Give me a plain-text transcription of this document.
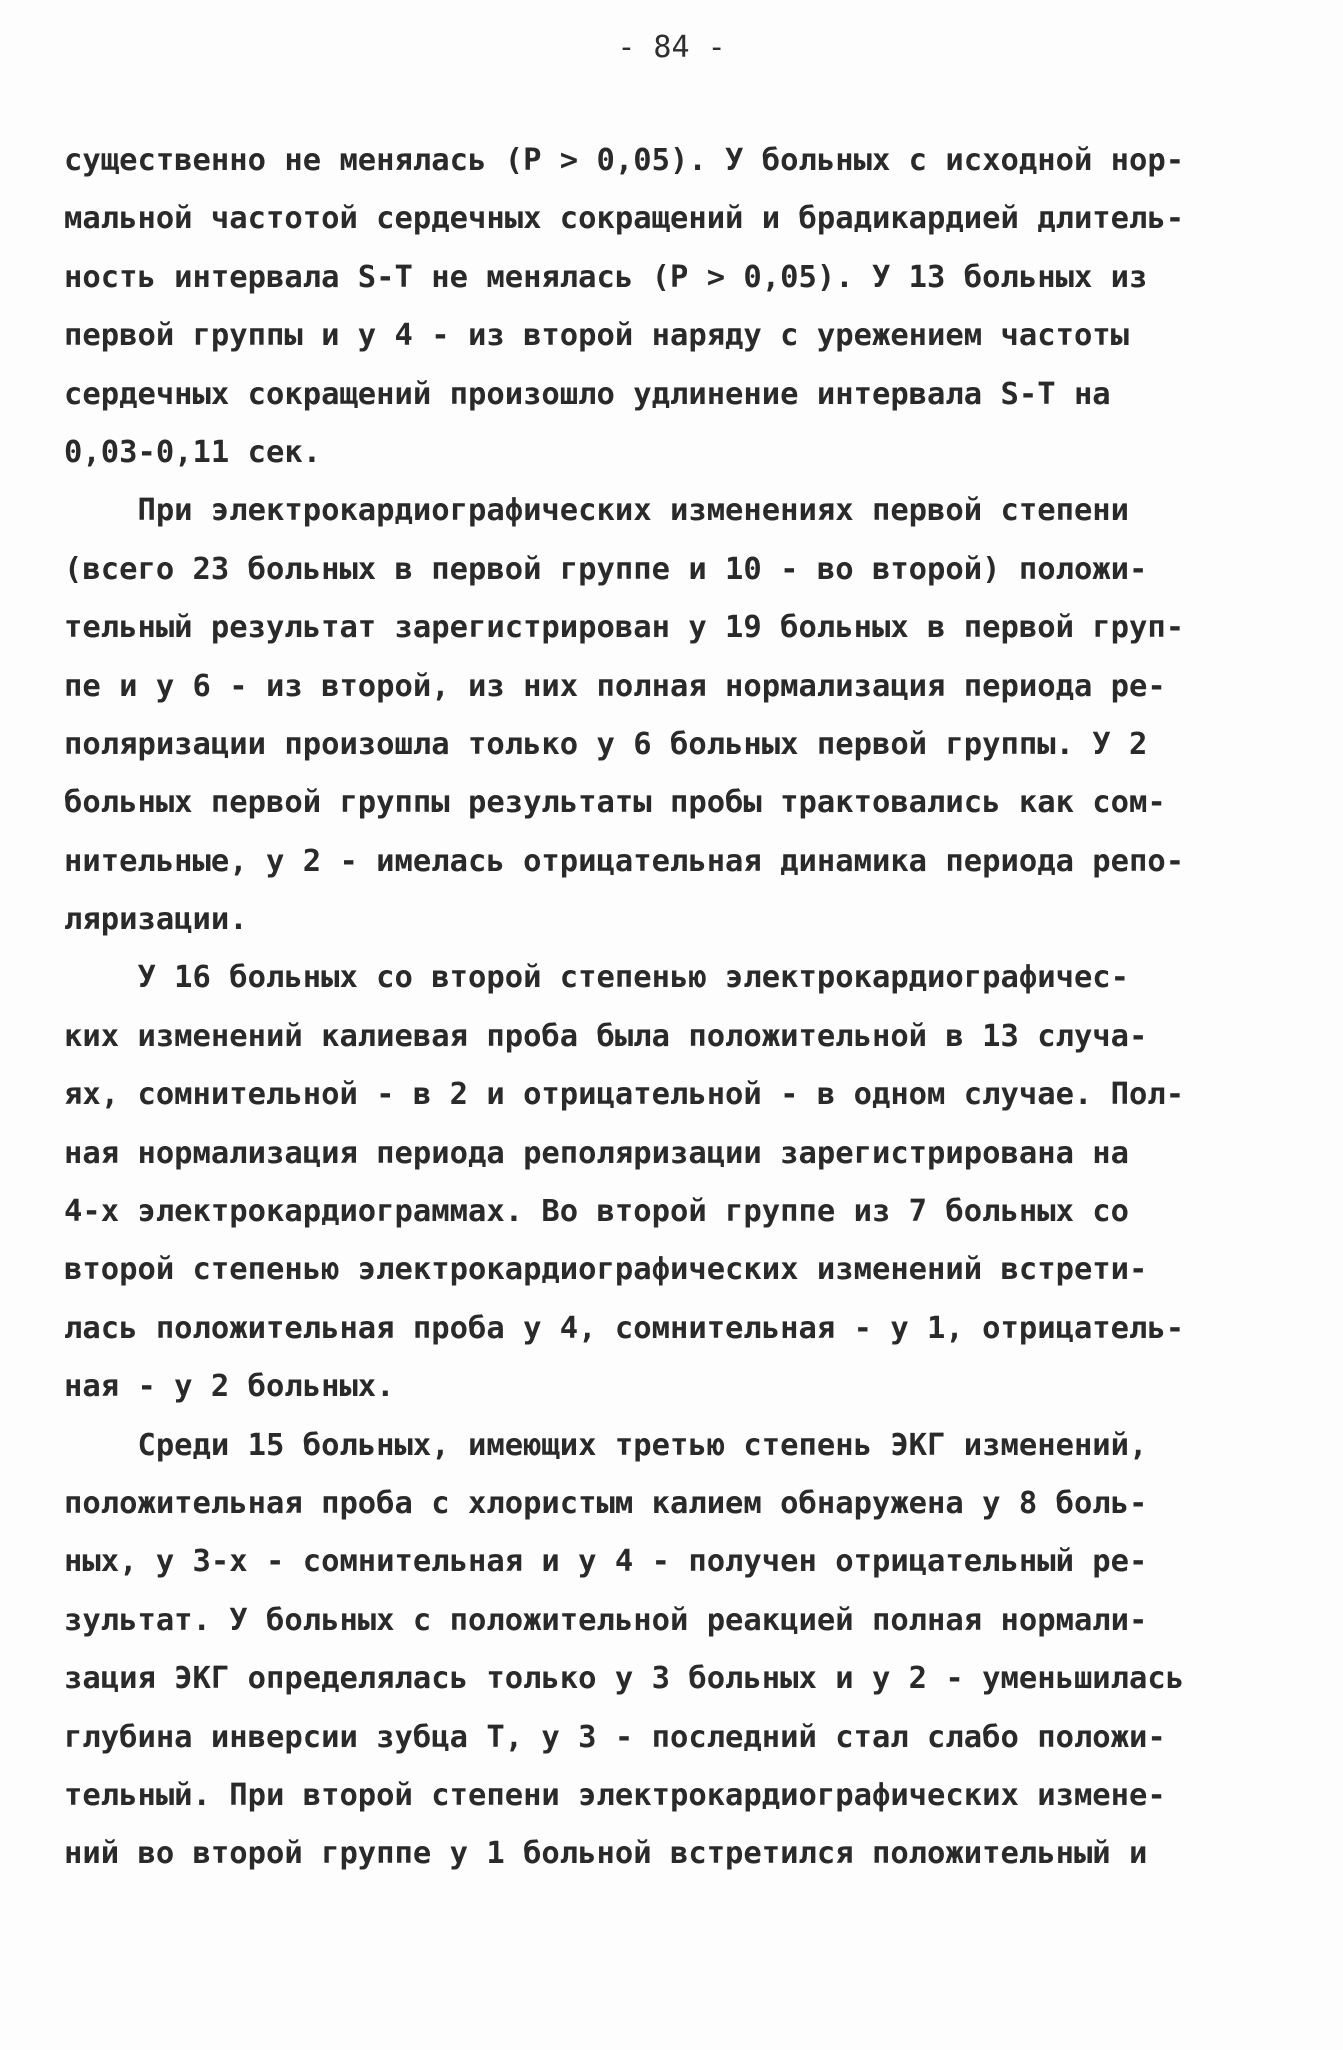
- 84 -
существенно не менялась (P > 0,05). У больных с исходной нор-
мальной частотой сердечных сокращений и брадикардией длитель-
ность интервала S-T не менялась (P > 0,05). У 13 больных из
первой группы и у 4 - из второй наряду с урежением частоты
сердечных сокращений произошло удлинение интервала S-T на
0,03-0,11 сек.
При электрокардиографических изменениях первой степени
(всего 23 больных в первой группе и 10 - во второй) положи-
тельный результат зарегистрирован у 19 больных в первой груп-
пе и у 6 - из второй, из них полная нормализация периода ре-
поляризации произошла только у 6 больных первой группы. У 2
больных первой группы результаты пробы трактовались как сом-
нительные, у 2 - имелась отрицательная динамика периода репо-
ляризации.
У 16 больных со второй степенью электрокардиографичес-
ких изменений калиевая проба была положительной в 13 случа-
ях, сомнительной - в 2 и отрицательной - в одном случае. Пол-
ная нормализация периода реполяризации зарегистрирована на
4-х электрокардиограммах. Во второй группе из 7 больных со
второй степенью электрокардиографических изменений встрети-
лась положительная проба у 4, сомнительная - у 1, отрицатель-
ная - у 2 больных.
Среди 15 больных, имеющих третью степень ЭКГ изменений,
положительная проба с хлористым калием обнаружена у 8 боль-
ных, у 3-х - сомнительная и у 4 - получен отрицательный ре-
зультат. У больных с положительной реакцией полная нормали-
зация ЭКГ определялась только у 3 больных и у 2 - уменьшилась
глубина инверсии зубца T, у 3 - последний стал слабо положи-
тельный. При второй степени электрокардиографических измене-
ний во второй группе у 1 больной встретился положительный и
